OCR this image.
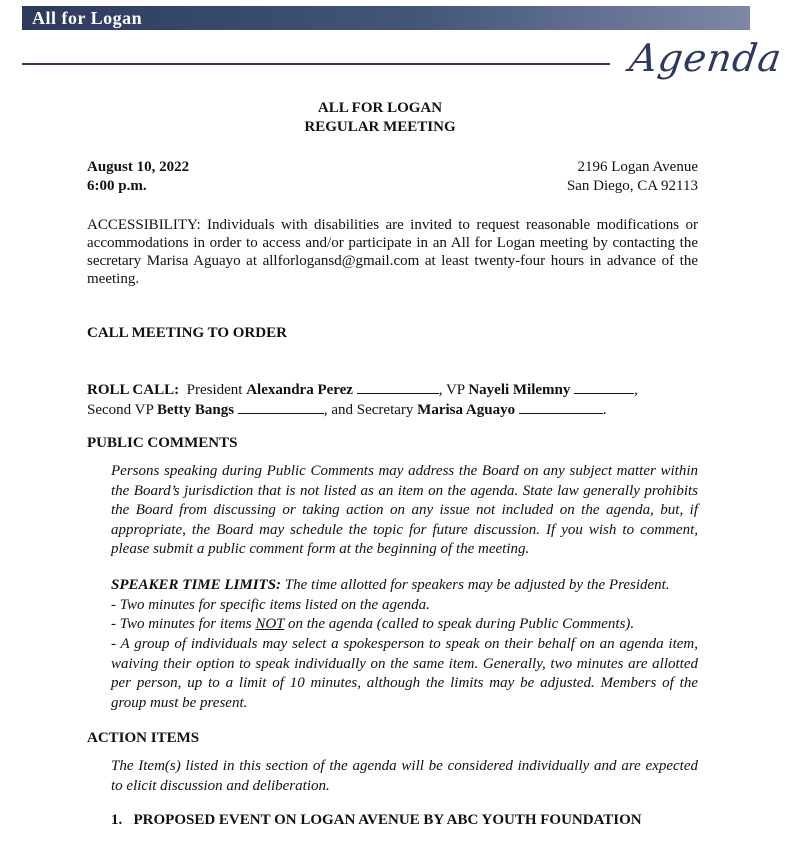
All for Logan
Agenda
ALL FOR LOGAN
REGULAR MEETING
August 10, 2022
6:00 p.m.
2196 Logan Avenue
San Diego, CA 92113
ACCESSIBILITY: Individuals with disabilities are invited to request reasonable modifications or accommodations in order to access and/or participate in an All for Logan meeting by contacting the secretary Marisa Aguayo at allforlogansd@gmail.com at least twenty-four hours in advance of the meeting.
CALL MEETING TO ORDER
ROLL CALL: President Alexandra Perez	, VP Nayeli Milemny	,
Second VP Betty Bangs	, and Secretary Marisa Aguayo	.
PUBLIC COMMENTS
Persons speaking during Public Comments may address the Board on any subject matter within the Board’s jurisdiction that is not listed as an item on the agenda. State law generally prohibits the Board from discussing or taking action on any issue not included on the agenda, but, if appropriate, the Board may schedule the topic for future discussion. If you wish to comment, please submit a public comment form at the beginning of the meeting.
SPEAKER TIME LIMITS: The time allotted for speakers may be adjusted by the President.
- Two minutes for specific items listed on the agenda.
- Two minutes for items NOT on the agenda (called to speak during Public Comments).
- A group of individuals may select a spokesperson to speak on their behalf on an agenda item, waiving their option to speak individually on the same item. Generally, two minutes are allotted per person, up to a limit of 10 minutes, although the limits may be adjusted. Members of the group must be present.
ACTION ITEMS
The Item(s) listed in this section of the agenda will be considered individually and are expected to elicit discussion and deliberation.
1. PROPOSED EVENT ON LOGAN AVENUE BY ABC YOUTH FOUNDATION
